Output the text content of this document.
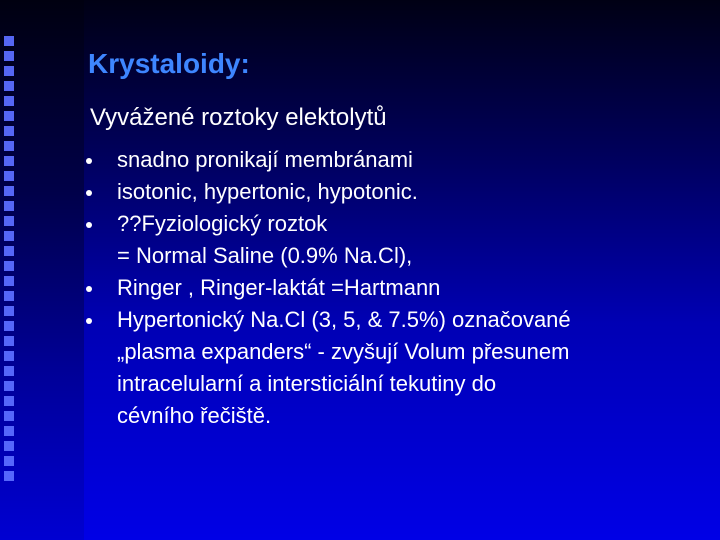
Krystaloidy:
Vyvážené roztoky elektolytů
snadno pronikají membránami
isotonic, hypertonic, hypotonic.
??Fyziologický roztok
= Normal Saline (0.9% Na.Cl),
Ringer , Ringer-laktát =Hartmann
Hypertonický Na.Cl (3, 5, & 7.5%) označované
„plasma expanders“ - zvyšují Volum přesunem
intracelularní a intersticiální tekutiny do
cévního řečiště.
